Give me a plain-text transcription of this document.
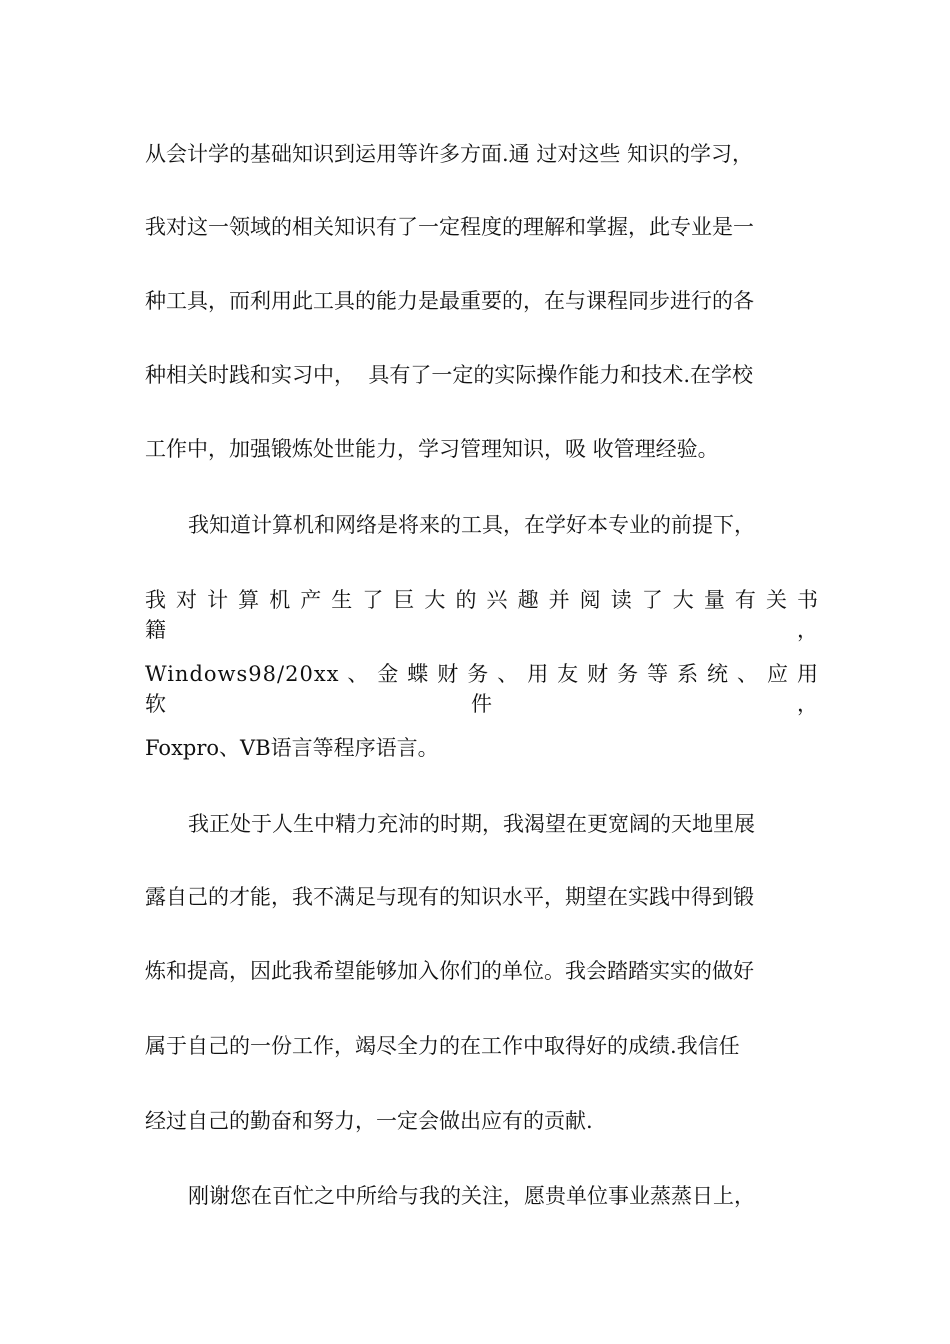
从会计学的基础知识到运用等许多方面.通 过对这些 知识的学习，
我对这一领域的相关知识有了一定程度的理解和掌握，此专业是一
种工具，而利用此工具的能力是最重要的，在与课程同步进行的各
种相关时践和实习中，  具有了一定的实际操作能力和技术.在学校
工作中，加强锻炼处世能力，学习管理知识，吸 收管理经验。
我知道计算机和网络是将来的工具，在学好本专业的前提下，
我 对 计 算 机 产 生 了 巨 大 的 兴 趣 并 阅 读 了 大 量 有 关 书 籍 ，
Windows98/20xx 、 金 蝶 财 务 、 用 友 财 务 等 系 统 、 应 用 软 件 ，
Foxpro、VB语言等程序语言。
我正处于人生中精力充沛的时期，我渴望在更宽阔的天地里展
露自己的才能，我不满足与现有的知识水平，期望在实践中得到锻
炼和提高，因此我希望能够加入你们的单位。我会踏踏实实的做好
属于自己的一份工作，竭尽全力的在工作中取得好的成绩.我信任
经过自己的勤奋和努力，一定会做出应有的贡献.
刚谢您在百忙之中所给与我的关注，愿贵单位事业蒸蒸日上，
